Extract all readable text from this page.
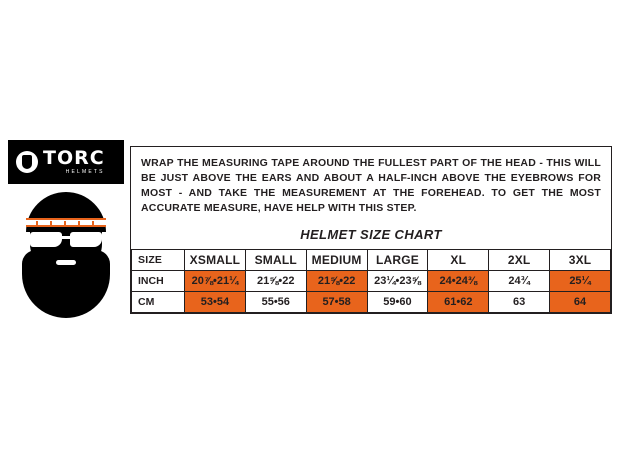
TORC
HELMETS
WRAP THE MEASURING TAPE AROUND THE FULLEST PART OF THE HEAD - THIS WILL BE JUST ABOVE THE EARS AND ABOUT A HALF-INCH ABOVE THE EYEBROWS FOR MOST - AND TAKE THE MEASUREMENT AT THE FOREHEAD. TO GET THE MOST ACCURATE MEASURE, HAVE HELP WITH THIS STEP.
HELMET SIZE CHART
SIZE	XSMALL	SMALL	MEDIUM	LARGE	XL	2XL	3XL
INCH	20⅞•21¼	21⅝•22	21⅝•22	23¼•23⅝	24•24⅜	24¾	25¼
CM	53•54	55•56	57•58	59•60	61•62	63	64
